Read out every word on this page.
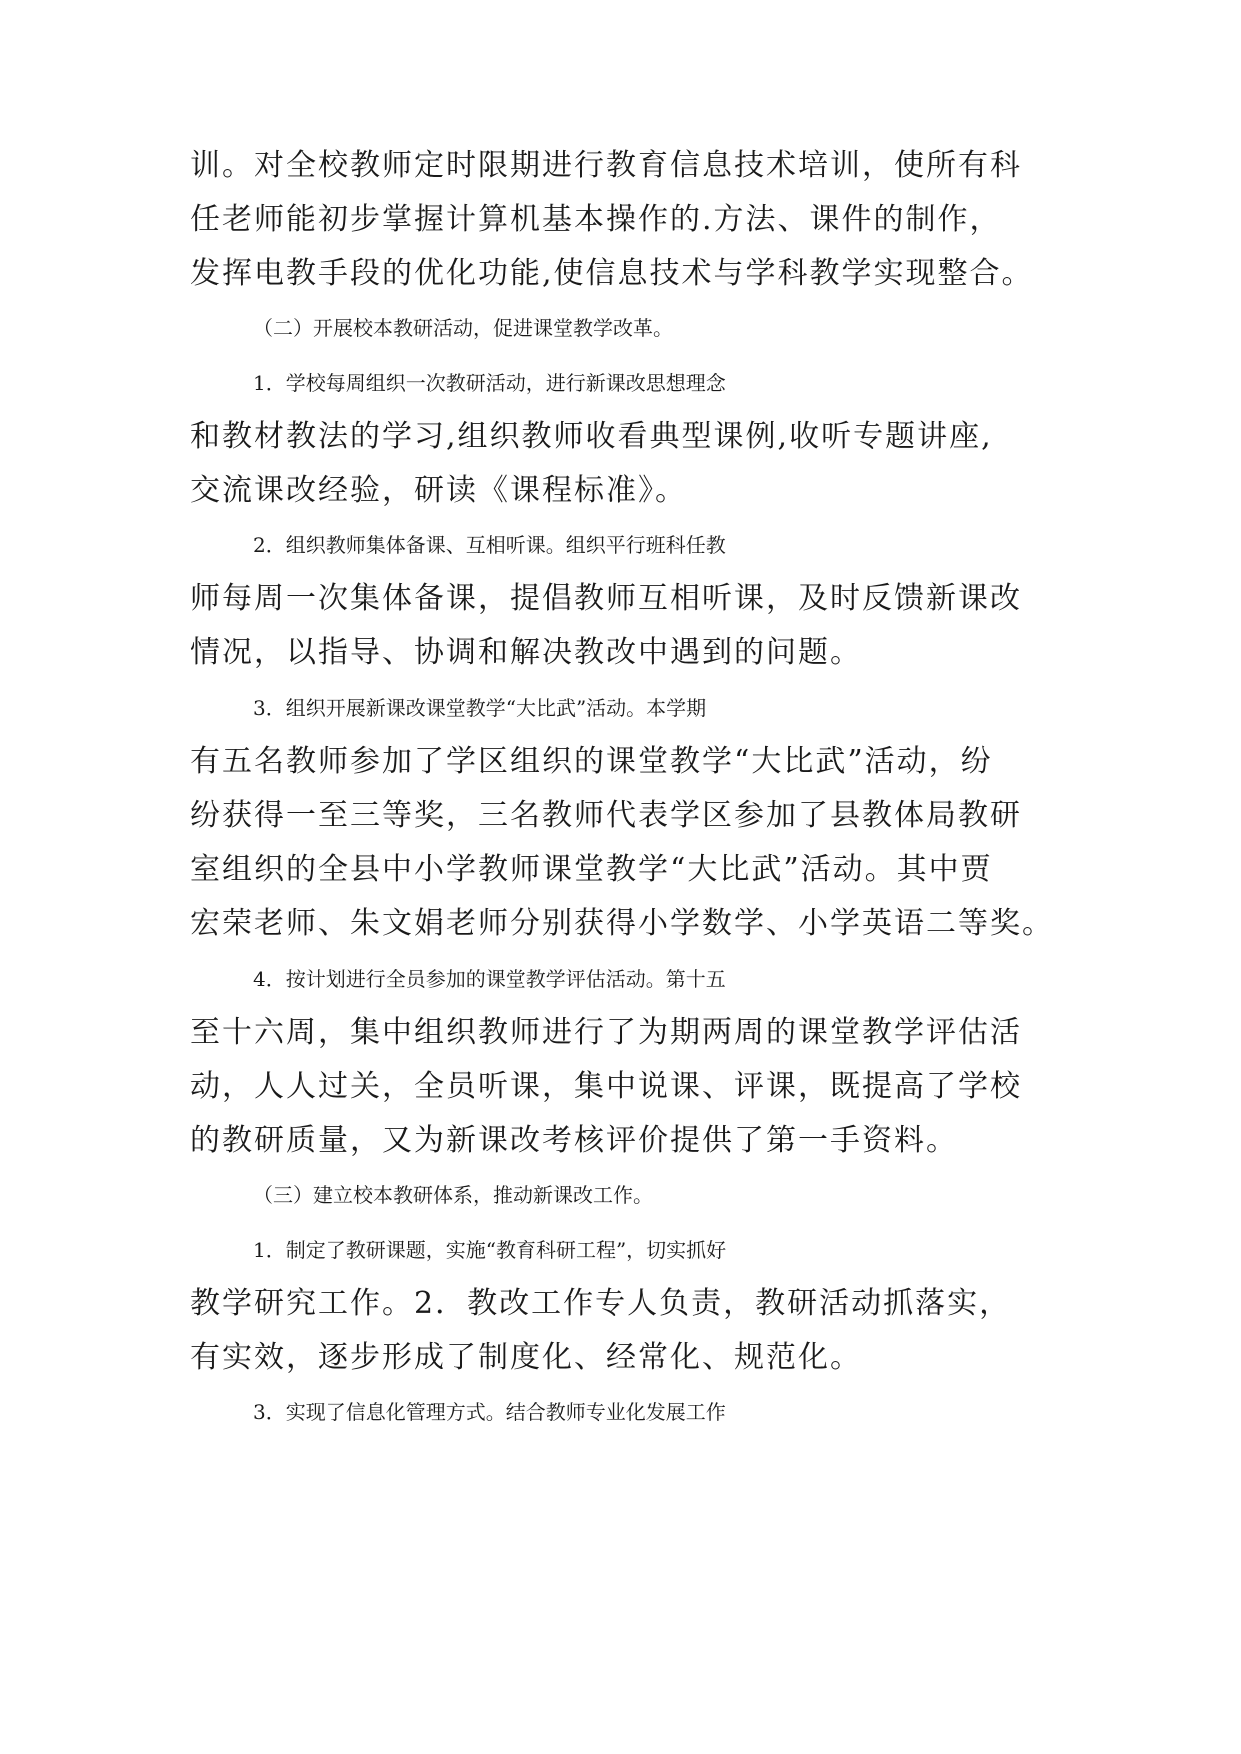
训。对全校教师定时限期进行教育信息技术培训，使所有科
任老师能初步掌握计算机基本操作的.方法、课件的制作，
发挥电教手段的优化功能,使信息技术与学科教学实现整合。
（二）开展校本教研活动，促进课堂教学改革。
1．学校每周组织一次教研活动，进行新课改思想理念
和教材教法的学习,组织教师收看典型课例,收听专题讲座,
交流课改经验，研读《课程标准》。
2．组织教师集体备课、互相听课。组织平行班科任教
师每周一次集体备课，提倡教师互相听课，及时反馈新课改
情况，以指导、协调和解决教改中遇到的问题。
3．组织开展新课改课堂教学“大比武”活动。本学期
有五名教师参加了学区组织的课堂教学“大比武”活动，纷
纷获得一至三等奖，三名教师代表学区参加了县教体局教研
室组织的全县中小学教师课堂教学“大比武”活动。其中贾
宏荣老师、朱文娟老师分别获得小学数学、小学英语二等奖。
4．按计划进行全员参加的课堂教学评估活动。第十五
至十六周，集中组织教师进行了为期两周的课堂教学评估活
动，人人过关，全员听课，集中说课、评课，既提高了学校
的教研质量，又为新课改考核评价提供了第一手资料。
（三）建立校本教研体系，推动新课改工作。
1．制定了教研课题，实施“教育科研工程”，切实抓好
教学研究工作。2．教改工作专人负责，教研活动抓落实，
有实效，逐步形成了制度化、经常化、规范化。
3．实现了信息化管理方式。结合教师专业化发展工作
